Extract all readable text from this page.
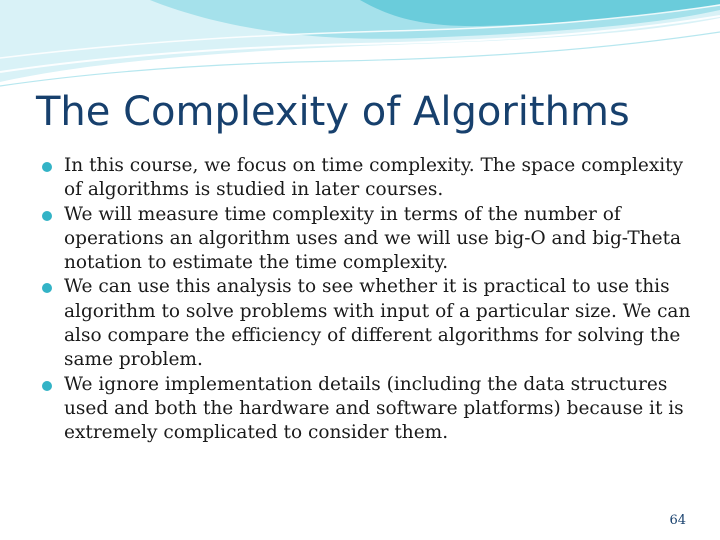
The Complexity of Algorithms
In this course, we focus on time complexity. The space complexity of algorithms is studied in later courses.
We will measure time complexity in terms of the number of operations an algorithm uses and we will use big-O and big-Theta notation to estimate the time complexity.
We can use this analysis to see whether it is practical to use this algorithm to solve problems with input of a particular size. We can also compare the efficiency of different algorithms for solving the same problem.
We ignore implementation details (including the data structures used and both the hardware and software platforms) because it is extremely complicated to consider them.
64
